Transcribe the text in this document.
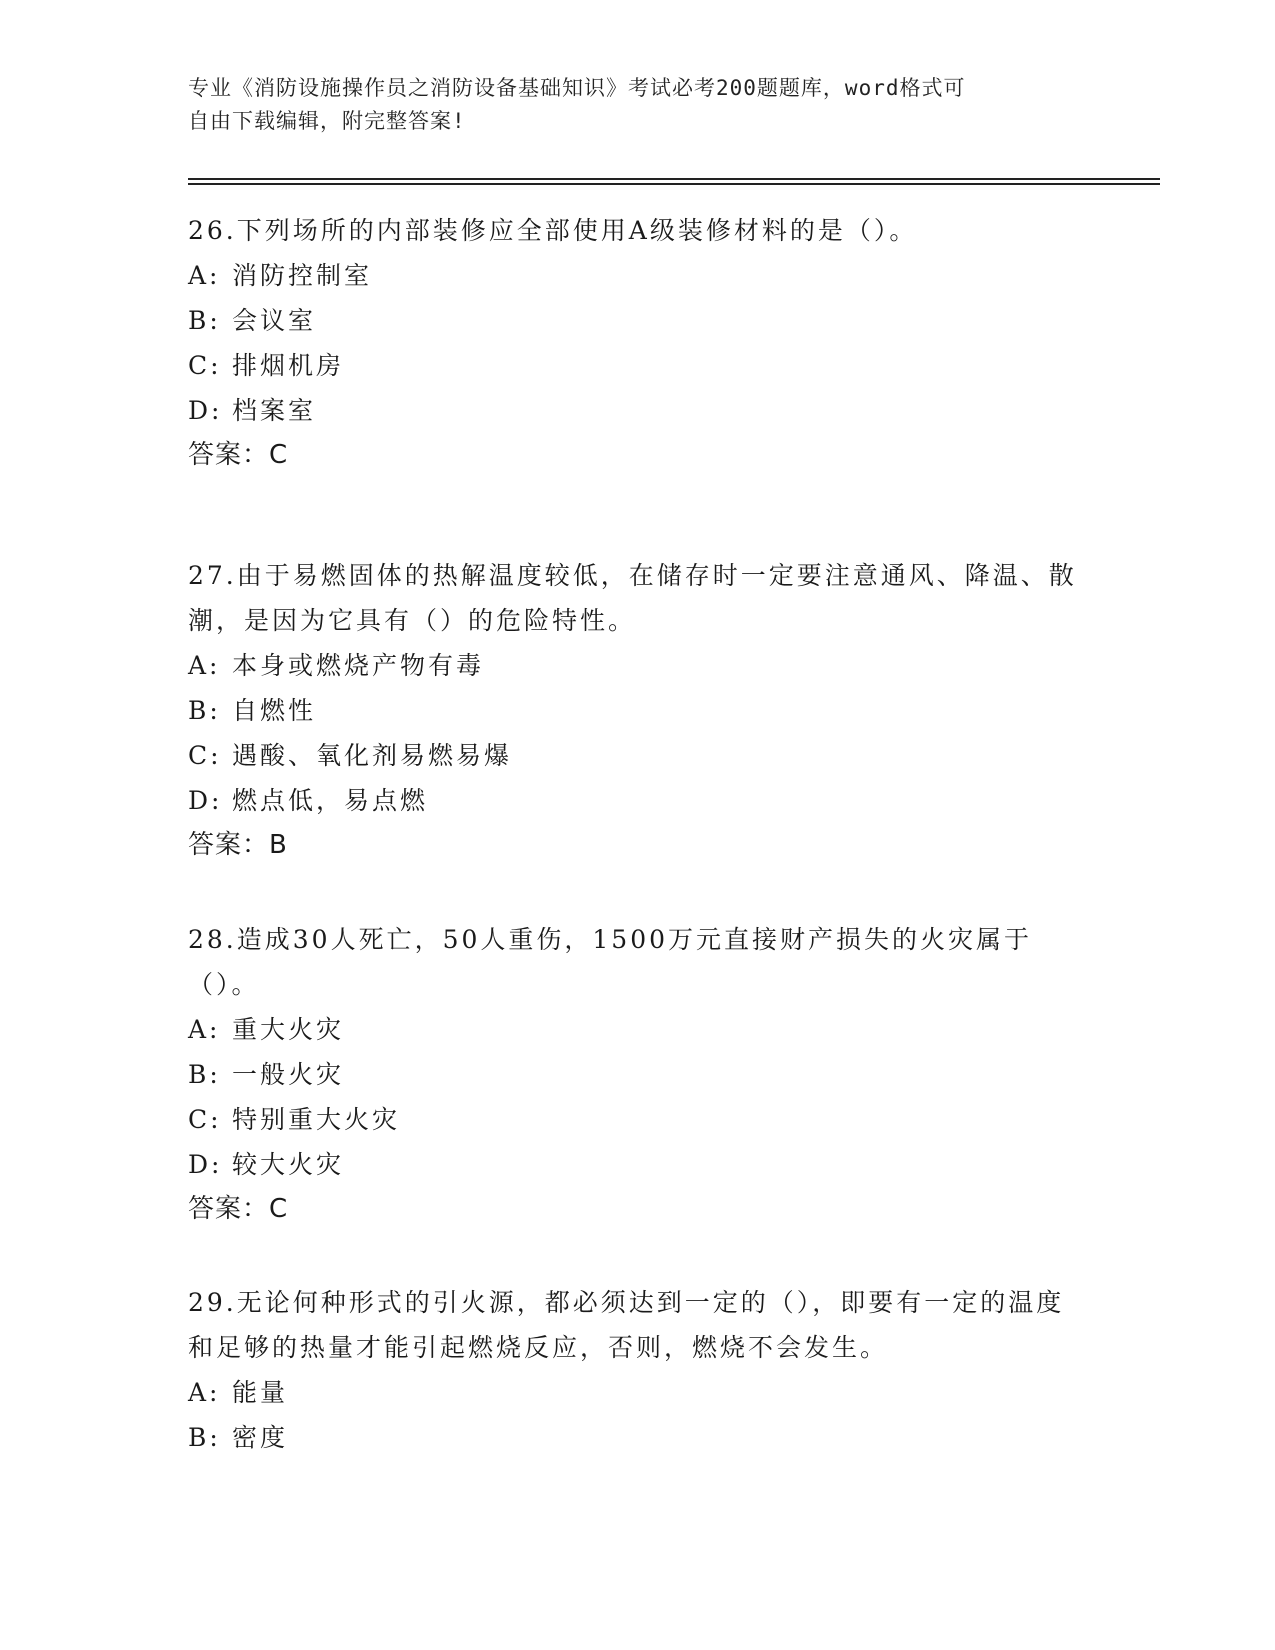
专业《消防设施操作员之消防设备基础知识》考试必考200题题库，word格式可
自由下载编辑，附完整答案!
26.下列场所的内部装修应全部使用A级装修材料的是（）。
A: 消防控制室
B: 会议室
C: 排烟机房
D: 档案室
答案：C
27.由于易燃固体的热解温度较低，在储存时一定要注意通风、降温、散潮，是因为它具有（）的危险特性。
A: 本身或燃烧产物有毒
B: 自燃性
C: 遇酸、氧化剂易燃易爆
D: 燃点低，易点燃
答案：B
28.造成30人死亡，50人重伤，1500万元直接财产损失的火灾属于（）。
A: 重大火灾
B: 一般火灾
C: 特别重大火灾
D: 较大火灾
答案：C
29.无论何种形式的引火源，都必须达到一定的（），即要有一定的温度和足够的热量才能引起燃烧反应，否则，燃烧不会发生。
A: 能量
B: 密度
